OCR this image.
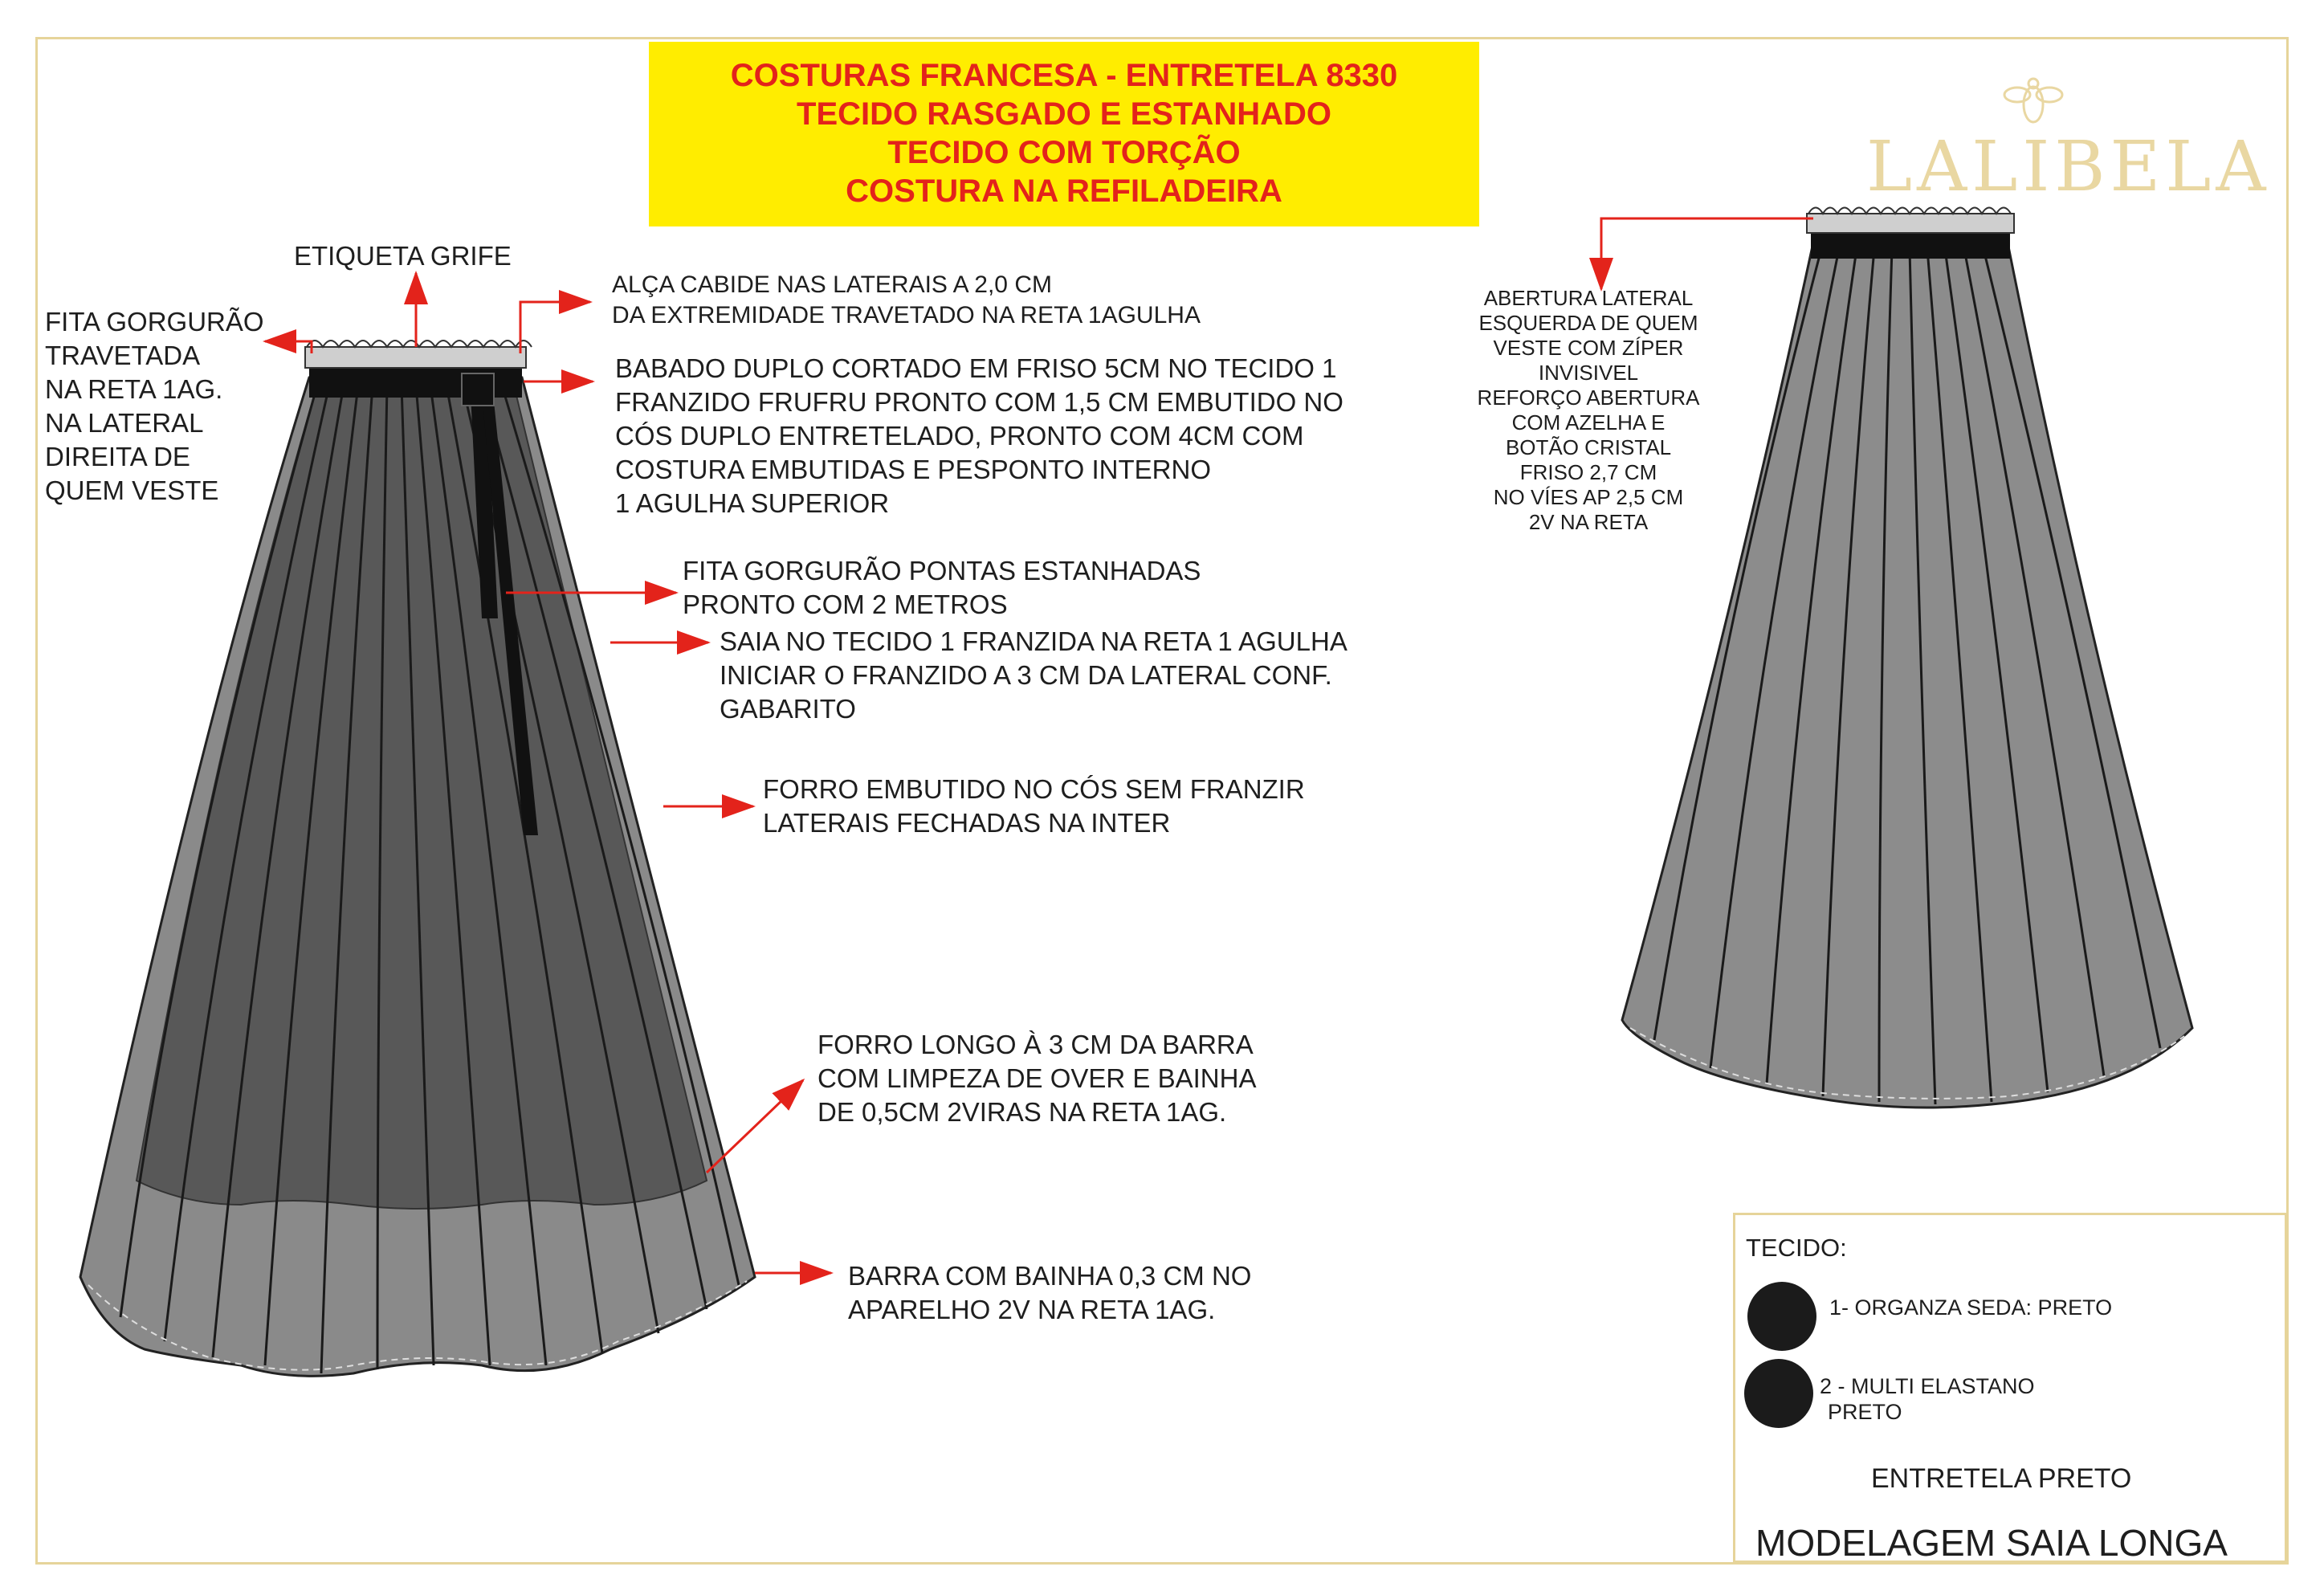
COSTURAS FRANCESA - ENTRETELA 8330
TECIDO RASGADO E ESTANHADO
TECIDO COM TORÇÃO
COSTURA NA REFILADEIRA	LALIBELA
ETIQUETA GRIFE
FITA GORGURÃO
TRAVETADA
NA RETA 1AG.
NA LATERAL
DIREITA DE
QUEM VESTE
ALÇA CABIDE NAS LATERAIS A 2,0 CM
DA EXTREMIDADE TRAVETADO NA RETA 1AGULHA
BABADO DUPLO CORTADO EM FRISO 5CM NO TECIDO 1
FRANZIDO FRUFRU PRONTO COM 1,5 CM EMBUTIDO NO
CÓS DUPLO ENTRETELADO, PRONTO COM 4CM COM
COSTURA EMBUTIDAS E PESPONTO INTERNO
1 AGULHA SUPERIOR
FITA GORGURÃO PONTAS ESTANHADAS
PRONTO COM 2 METROS
SAIA NO TECIDO 1 FRANZIDA NA RETA 1 AGULHA
INICIAR O FRANZIDO A 3 CM DA LATERAL CONF.
GABARITO
FORRO EMBUTIDO NO CÓS SEM FRANZIR
LATERAIS FECHADAS NA INTER
FORRO LONGO À 3 CM DA BARRA
COM LIMPEZA DE OVER E BAINHA
DE 0,5CM 2VIRAS NA RETA 1AG.
BARRA COM BAINHA 0,3 CM NO
APARELHO 2V NA RETA 1AG.
ABERTURA LATERAL
ESQUERDA DE QUEM
VESTE COM ZÍPER
INVISIVEL
REFORÇO ABERTURA
COM AZELHA E
BOTÃO CRISTAL
FRISO 2,7 CM
NO VÍES AP 2,5 CM
2V NA RETA
TECIDO:
1- ORGANZA SEDA: PRETO
2 - MULTI ELASTANO
PRETO
ENTRETELA PRETO
MODELAGEM SAIA LONGA
